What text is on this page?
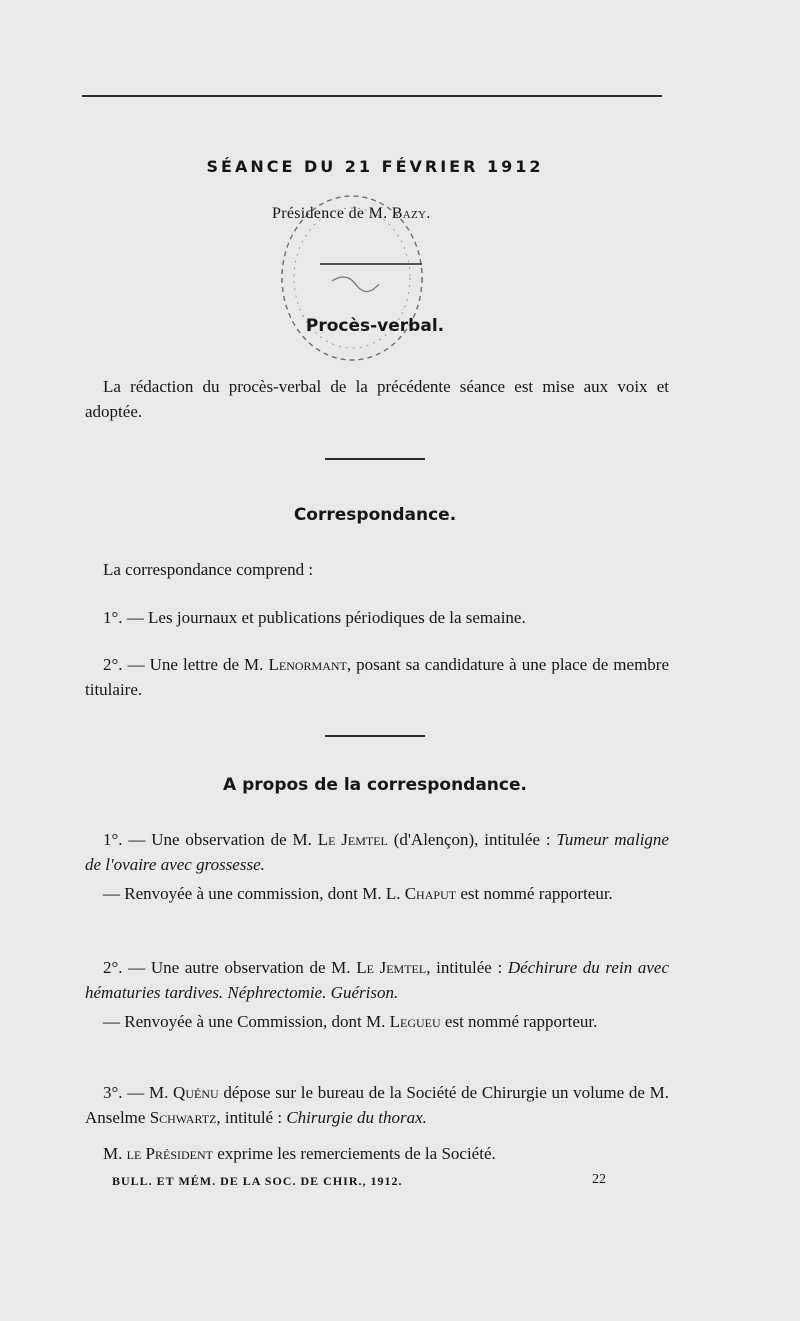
SÉANCE DU 21 FÉVRIER 1912
Présidence de M. Bazy.
Procès-verbal.
La rédaction du procès-verbal de la précédente séance est mise aux voix et adoptée.
Correspondance.
La correspondance comprend :
1°. — Les journaux et publications périodiques de la semaine.
2°. — Une lettre de M. Lenormant, posant sa candidature à une place de membre titulaire.
A propos de la correspondance.
1°. — Une observation de M. Le Jemtel (d'Alençon), intitulée : Tumeur maligne de l'ovaire avec grossesse.
— Renvoyée à une commission, dont M. L. Chaput est nommé rapporteur.
2°. — Une autre observation de M. Le Jemtel, intitulée : Déchirure du rein avec hématuries tardives. Néphrectomie. Guérison.
— Renvoyée à une Commission, dont M. Legueu est nommé rapporteur.
3°. — M. Quénu dépose sur le bureau de la Société de Chirurgie un volume de M. Anselme Schwartz, intitulé : Chirurgie du thorax.
M. le Président exprime les remerciements de la Société.
BULL. ET MÉM. DE LA SOC. DE CHIR., 1912.	22
